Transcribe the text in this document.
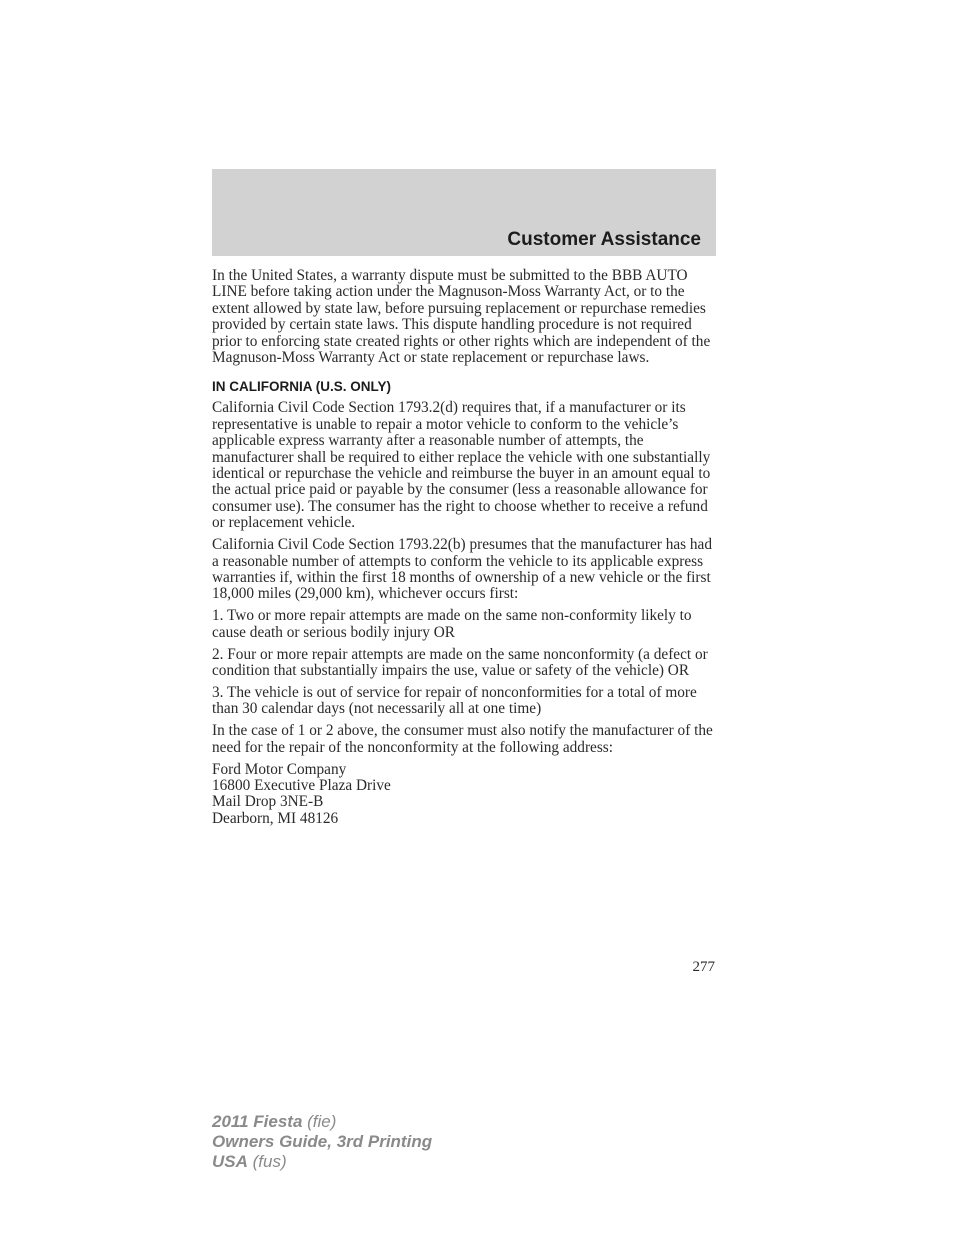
Customer Assistance

In the United States, a warranty dispute must be submitted to the BBB AUTO LINE before taking action under the Magnuson-Moss Warranty Act, or to the extent allowed by state law, before pursuing replacement or repurchase remedies provided by certain state laws. This dispute handling procedure is not required prior to enforcing state created rights or other rights which are independent of the Magnuson-Moss Warranty Act or state replacement or repurchase laws.

IN CALIFORNIA (U.S. ONLY)

California Civil Code Section 1793.2(d) requires that, if a manufacturer or its representative is unable to repair a motor vehicle to conform to the vehicle’s applicable express warranty after a reasonable number of attempts, the manufacturer shall be required to either replace the vehicle with one substantially identical or repurchase the vehicle and reimburse the buyer in an amount equal to the actual price paid or payable by the consumer (less a reasonable allowance for consumer use). The consumer has the right to choose whether to receive a refund or replacement vehicle.

California Civil Code Section 1793.22(b) presumes that the manufacturer has had a reasonable number of attempts to conform the vehicle to its applicable express warranties if, within the first 18 months of ownership of a new vehicle or the first 18,000 miles (29,000 km), whichever occurs first:

1. Two or more repair attempts are made on the same non-conformity likely to cause death or serious bodily injury OR

2. Four or more repair attempts are made on the same nonconformity (a defect or condition that substantially impairs the use, value or safety of the vehicle) OR

3. The vehicle is out of service for repair of nonconformities for a total of more than 30 calendar days (not necessarily all at one time)

In the case of 1 or 2 above, the consumer must also notify the manufacturer of the need for the repair of the nonconformity at the following address:

Ford Motor Company
16800 Executive Plaza Drive
Mail Drop 3NE-B
Dearborn, MI 48126
277
2011 Fiesta (fie)
Owners Guide, 3rd Printing
USA (fus)
